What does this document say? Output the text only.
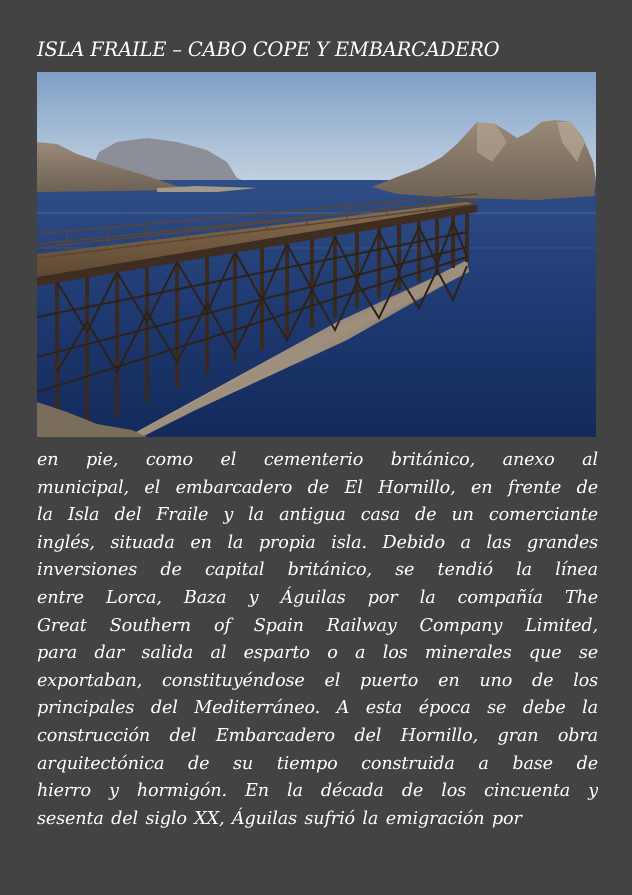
ISLA FRAILE – CABO COPE Y EMBARCADERO
en pie, como el cementerio británico, anexo al
municipal, el embarcadero de El Hornillo, en frente de
la Isla del Fraile y la antigua casa de un comerciante
inglés, situada en la propia isla. Debido a las grandes
inversiones de capital británico, se tendió la línea
entre Lorca, Baza y Águilas por la compañía The
Great Southern of Spain Railway Company Limited,
para dar salida al esparto o a los minerales que se
exportaban, constituyéndose el puerto en uno de los
principales del Mediterráneo. A esta época se debe la
construcción del Embarcadero del Hornillo, gran obra
arquitectónica de su tiempo construida a base de
hierro y hormigón. En la década de los cincuenta y
sesenta del siglo XX, Águilas sufrió la emigración por
